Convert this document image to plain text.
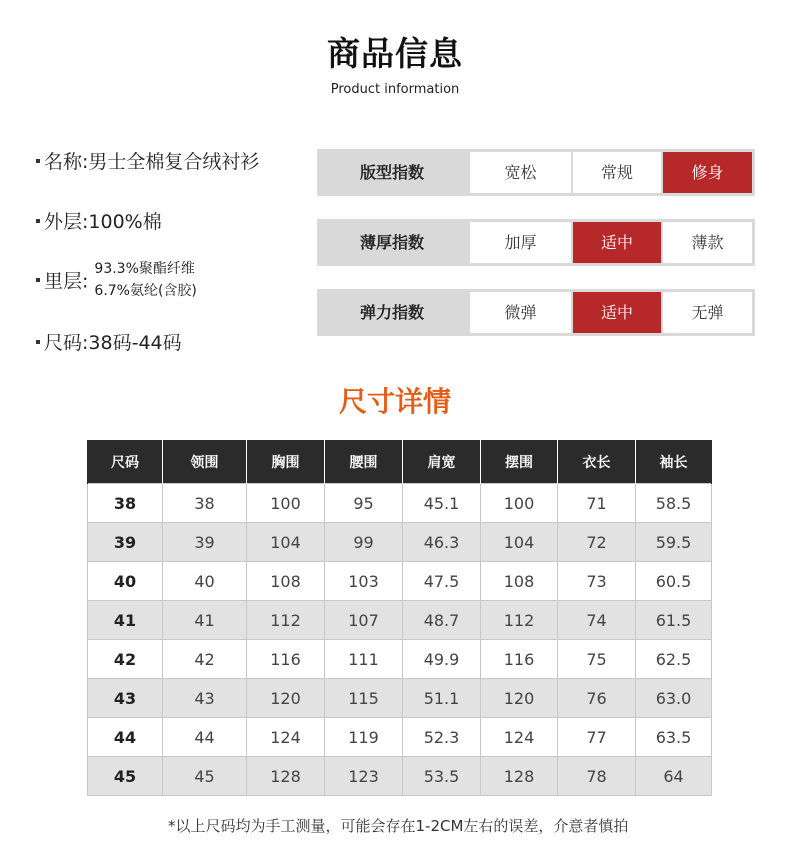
商品信息
Product information
名称:男士全棉复合绒衬衫
外层:100%棉
里层:
93.3%聚酯纤维
6.7%氨纶(含胶)
尺码:38码-44码
版型指数	宽松	常规	修身
薄厚指数	加厚	适中	薄款
弹力指数	微弹	适中	无弹
尺寸详情
尺码	领围	胸围	腰围	肩宽	摆围	衣长	袖长
38	38	100	95	45.1	100	71	58.5
39	39	104	99	46.3	104	72	59.5
40	40	108	103	47.5	108	73	60.5
41	41	112	107	48.7	112	74	61.5
42	42	116	111	49.9	116	75	62.5
43	43	120	115	51.1	120	76	63.0
44	44	124	119	52.3	124	77	63.5
45	45	128	123	53.5	128	78	64
*以上尺码均为手工测量，可能会存在1-2CM左右的误差，介意者慎拍
